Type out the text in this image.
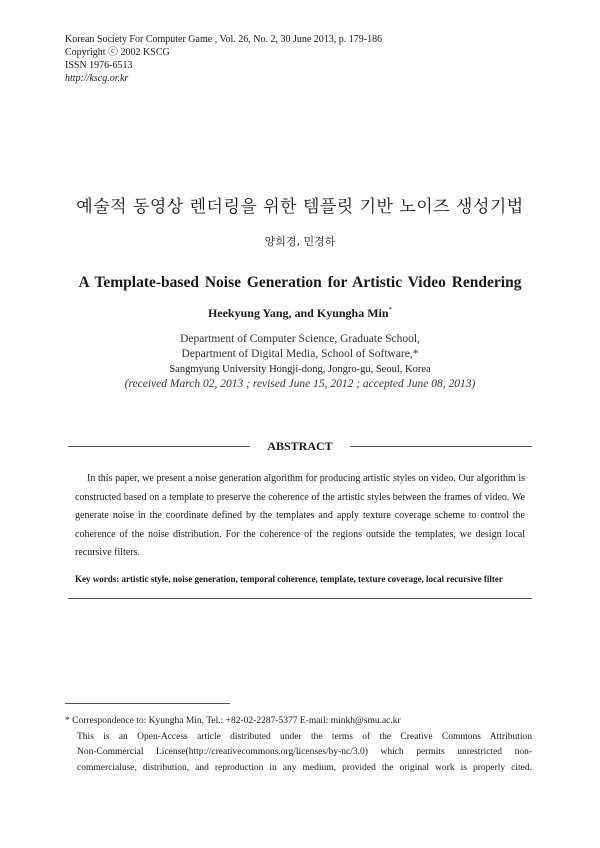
Korean Society For Computer Game , Vol. 26, No. 2, 30 June 2013, p. 179-186
Copyright ⓒ 2002 KSCG
ISSN 1976-6513
http://kscg.or.kr
예술적 동영상 렌더링을 위한 템플릿 기반 노이즈 생성기법
양희경, 민경하
A Template-based Noise Generation for Artistic Video Rendering
Heekyung Yang, and Kyungha Min*
Department of Computer Science, Graduate School,
Department of Digital Media, School of Software,*
Sangmyung University Hongji-dong, Jongro-gu, Seoul, Korea
(received March 02, 2013 ; revised June 15, 2012 ; accepted June 08, 2013)
ABSTRACT
In this paper, we present a noise generation algorithm for producing artistic styles on video. Our algorithm is constructed based on a template to preserve the coherence of the artistic styles between the frames of video. We generate noise in the coordinate defined by the templates and apply texture coverage scheme to control the coherence of the noise distribution. For the coherence of the regions outside the templates, we design local recursive filters.
Key words: artistic style, noise generation, temporal coherence, template, texture coverage, local recursive filter
* Correspondence to: Kyungha Min, Tel.: +82-02-2287-5377 E-mail: minkh@smu.ac.kr
This is an Open-Access article distributed under the terms of the Creative Commons Attribution
Non-Commercial License(http://creativecommons.org/licenses/by-nc/3.0) which permits unrestricted non-
commercialuse, distribution, and reproduction in any medium, provided the original work is properly cited.
